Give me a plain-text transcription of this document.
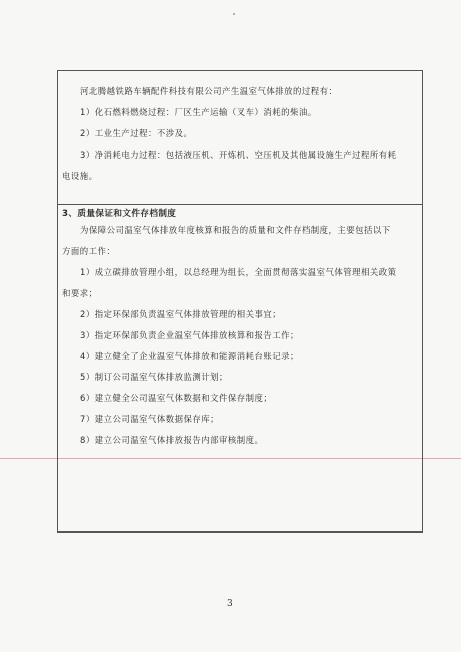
河北腾越铁路车辆配件科技有限公司产生温室气体排放的过程有：
1）化石燃料燃烧过程：厂区生产运输（叉车）消耗的柴油。
2）工业生产过程：不涉及。
3）净消耗电力过程：包括液压机、开炼机、空压机及其他属设施生产过程所有耗
电设施。
3、质量保证和文件存档制度
为保障公司温室气体排放年度核算和报告的质量和文件存档制度，主要包括以下
方面的工作：
1）成立碳排放管理小组，以总经理为组长，全面贯彻落实温室气体管理相关政策
和要求；
2）指定环保部负责温室气体排放管理的相关事宜；
3）指定环保部负责企业温室气体排放核算和报告工作；
4）建立健全了企业温室气体排放和能源消耗台账记录；
5）制订公司温室气体排放监测计划；
6）建立健全公司温室气体数据和文件保存制度；
7）建立公司温室气体数据保存库；
8）建立公司温室气体排放报告内部审核制度。
3
